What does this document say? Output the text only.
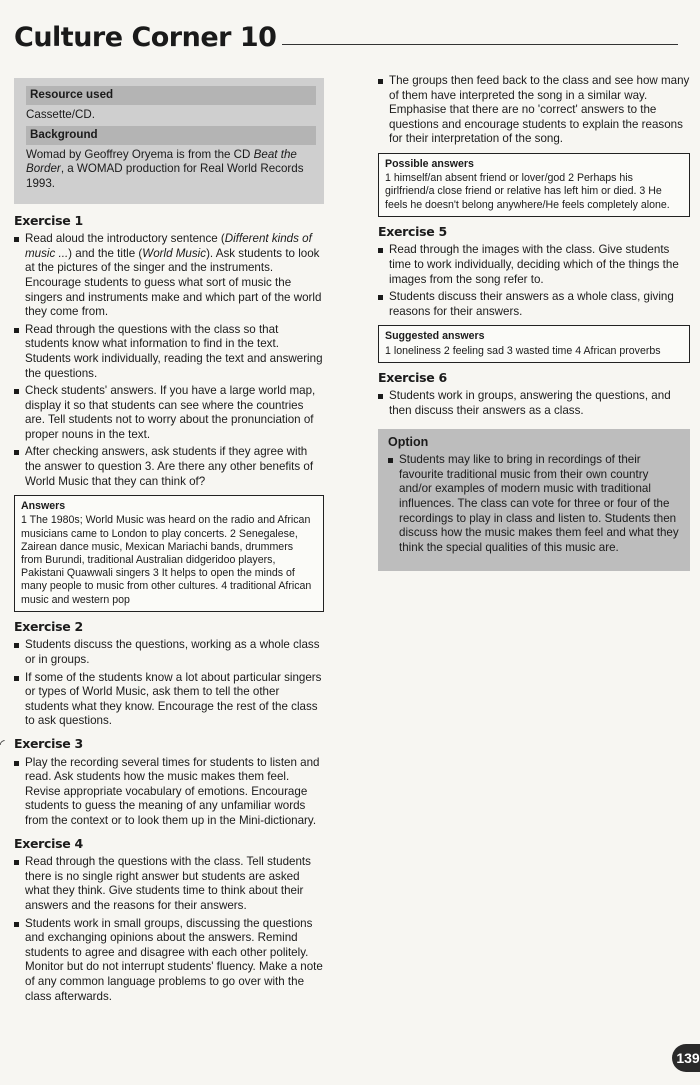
Culture Corner 10
Resource used

Cassette/CD.

Background

Womad by Geoffrey Oryema is from the CD Beat the Border, a WOMAD production for Real World Records 1993.

Exercise 1
Read aloud the introductory sentence (Different kinds of music ...) and the title (World Music). Ask students to look at the pictures of the singer and the instruments. Encourage students to guess what sort of music the singers and instruments make and which part of the world they come from.
Read through the questions with the class so that students know what information to find in the text. Students work individually, reading the text and answering the questions.
Check students' answers. If you have a large world map, display it so that students can see where the countries are. Tell students not to worry about the pronunciation of proper nouns in the text.
After checking answers, ask students if they agree with the answer to question 3. Are there any other benefits of World Music that they can think of?
Answers
1 The 1980s; World Music was heard on the radio and African musicians came to London to play concerts. 2 Senegalese, Zairean dance music, Mexican Mariachi bands, drummers from Burundi, traditional Australian didgeridoo players, Pakistani Quawwali singers 3 It helps to open the minds of many people to music from other cultures. 4 traditional African music and western pop
Exercise 2
Students discuss the questions, working as a whole class or in groups.
If some of the students know a lot about particular singers or types of World Music, ask them to tell the other students what they know. Encourage the rest of the class to ask questions.
◜ Exercise 3
Play the recording several times for students to listen and read. Ask students how the music makes them feel. Revise appropriate vocabulary of emotions. Encourage students to guess the meaning of any unfamiliar words from the context or to look them up in the Mini-dictionary.
Exercise 4
Read through the questions with the class. Tell students there is no single right answer but students are asked what they think. Give students time to think about their answers and the reasons for their answers.
Students work in small groups, discussing the questions and exchanging opinions about the answers. Remind students to agree and disagree with each other politely. Monitor but do not interrupt students' fluency. Make a note of any common language problems to go over with the class afterwards.
The groups then feed back to the class and see how many of them have interpreted the song in a similar way. Emphasise that there are no 'correct' answers to the questions and encourage students to explain the reasons for their interpretation of the song.
Possible answers
1 himself/an absent friend or lover/god 2 Perhaps his girlfriend/a close friend or relative has left him or died. 3 He feels he doesn't belong anywhere/He feels completely alone.
Exercise 5
Read through the images with the class. Give students time to work individually, deciding which of the things the images from the song refer to.
Students discuss their answers as a whole class, giving reasons for their answers.
Suggested answers
1 loneliness 2 feeling sad 3 wasted time 4 African proverbs
Exercise 6
Students work in groups, answering the questions, and then discuss their answers as a class.
Option
Students may like to bring in recordings of their favourite traditional music from their own country and/or examples of modern music with traditional influences. The class can vote for three or four of the recordings to play in class and listen to. Students then discuss how the music makes them feel and what they think the special qualities of this music are.
139
